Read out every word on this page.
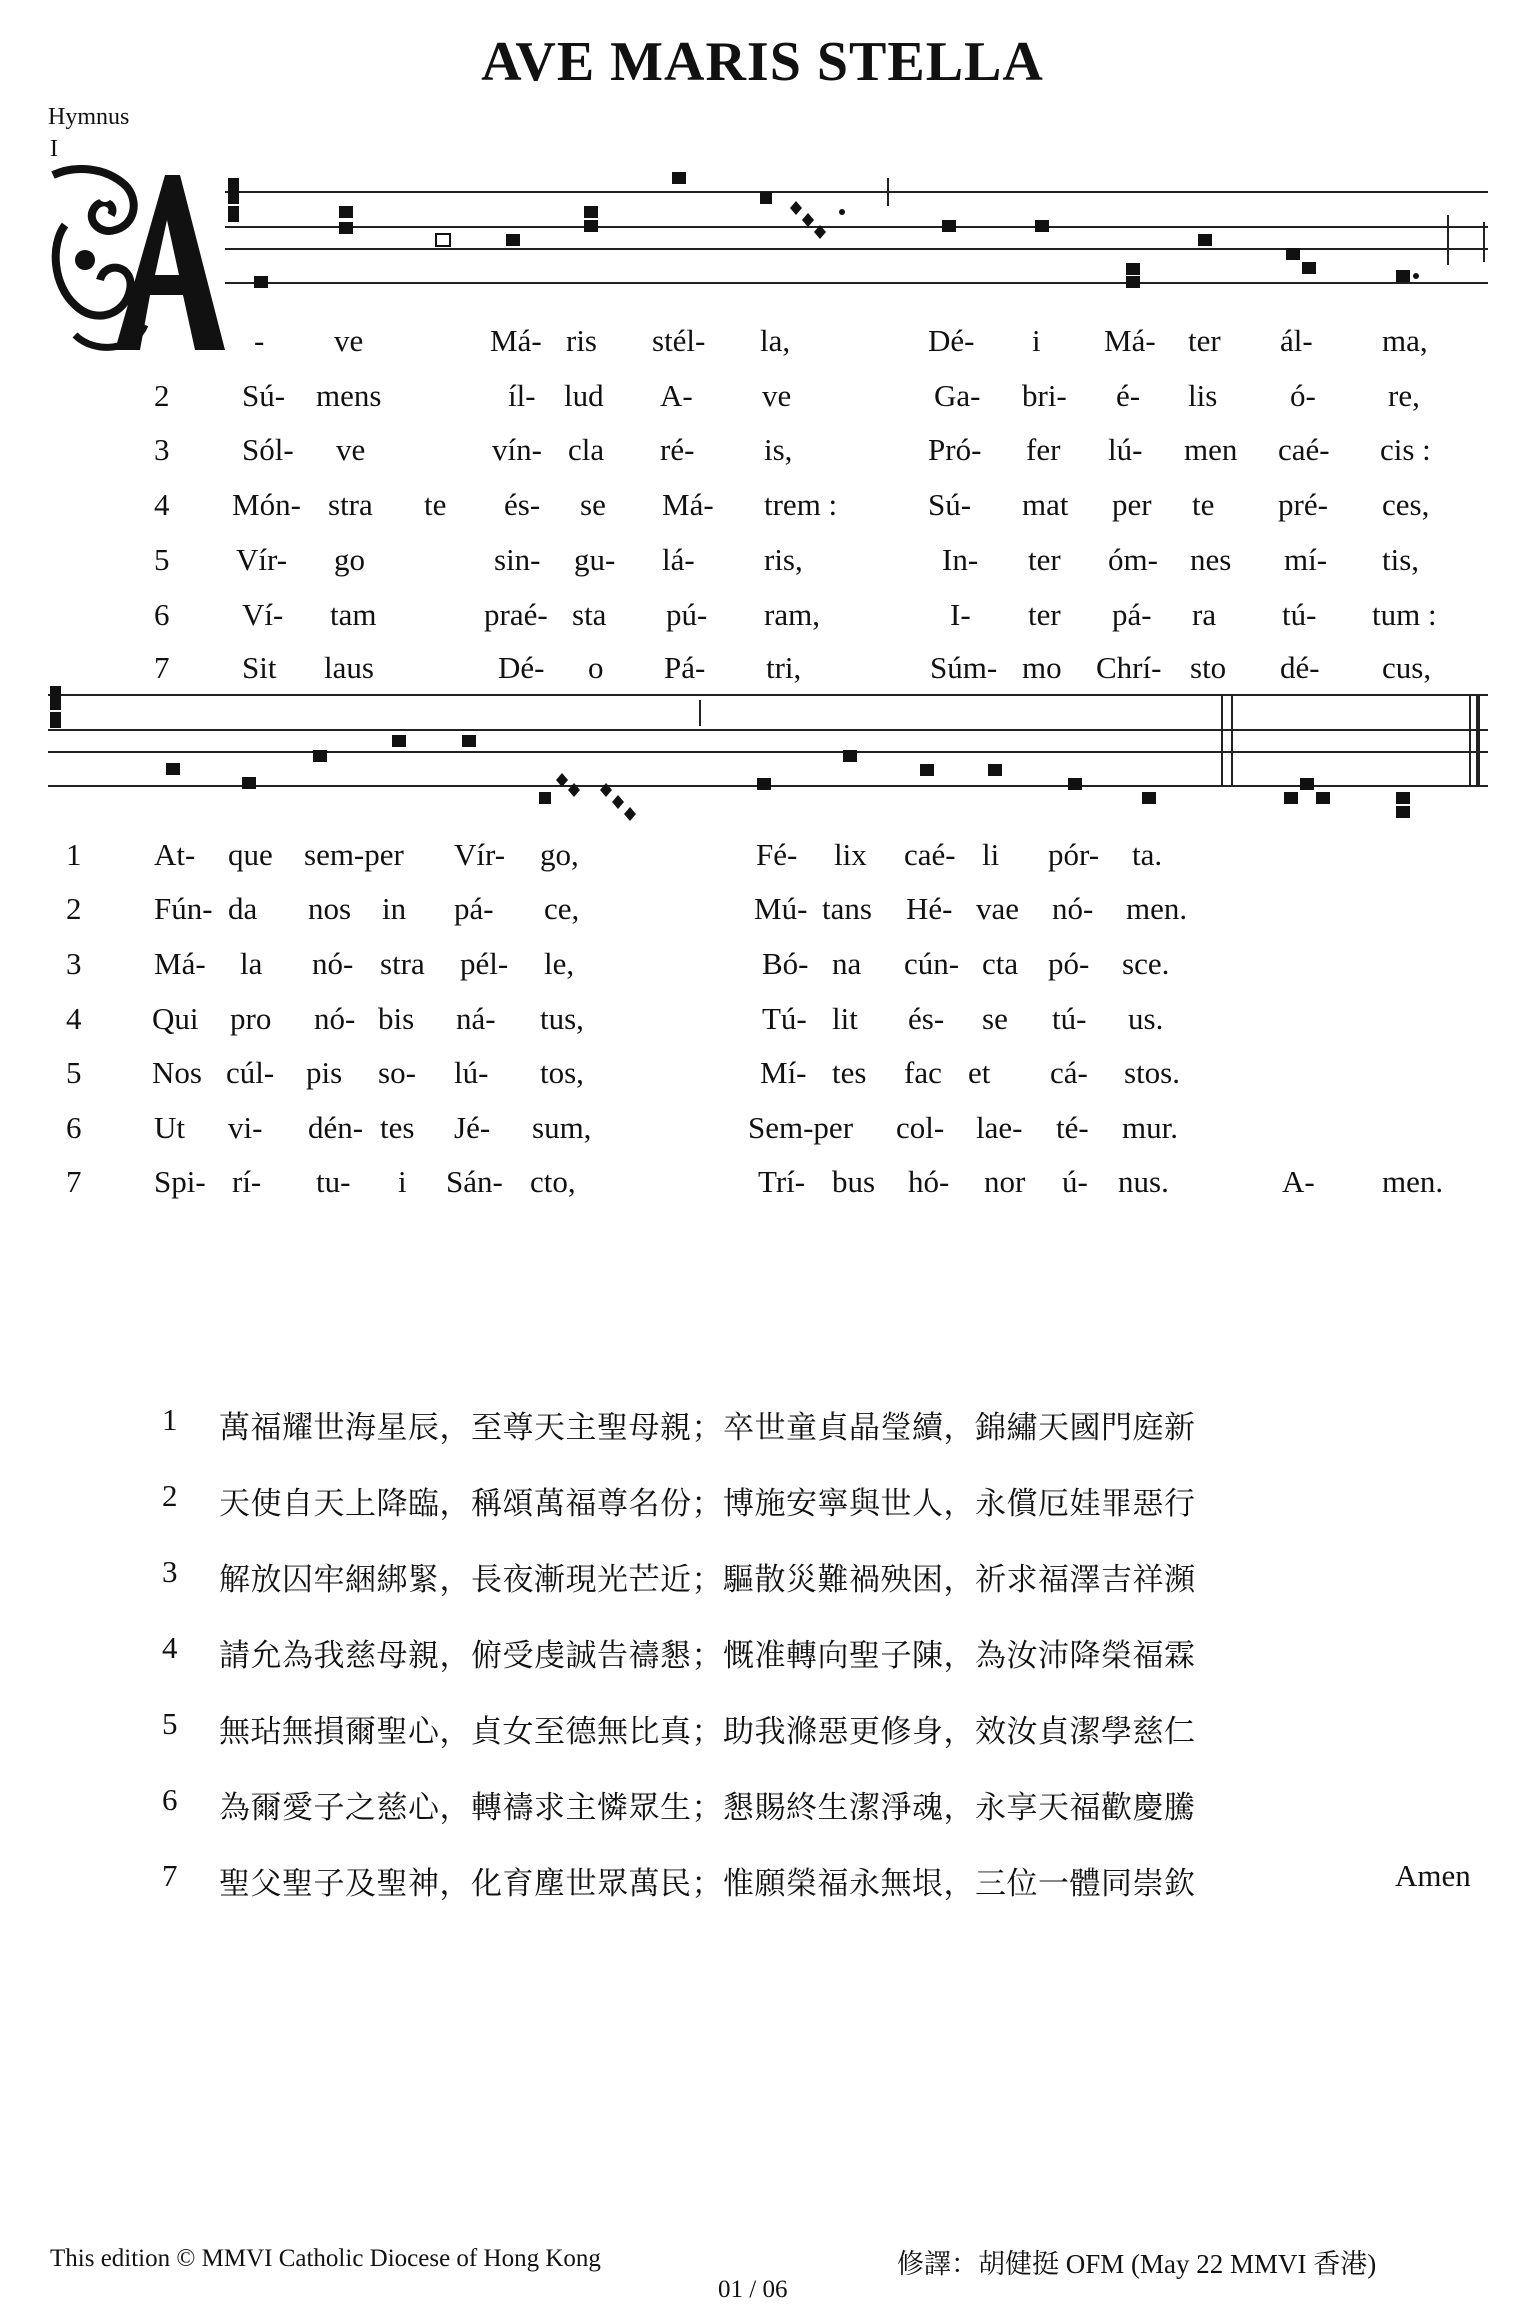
AVE MARIS STELLA
Hymnus
I
A	- ve	Má- ris stél- la,	Dé- i Má- ter ál- ma,
2 Sú- mens	íl- lud A- ve	Ga- bri- é- lis ó- re,
3 Sól- ve	vín- cla ré- is,	Pró- fer lú- men caé- cis :
4 Món- stra te és- se Má- trem :	Sú- mat per te pré- ces,
5 Vír- go	sin- gu- lá- ris,	In- ter óm- nes mí- tis,
6 Ví- tam	praé- sta pú- ram,	I- ter pá- ra tú- tum :
7 Sit laus	Dé- o Pá- tri,	Súm- mo Chrí- sto dé- cus,
1 At- que sem-per Vír- go,	Fé- lix caé- li pór- ta.
2 Fún- da nos in pá- ce,	Mú- tans Hé- vae nó- men.
3 Má- la nó- stra pél- le,	Bó- na cún- cta pó- sce.
4 Qui pro nó- bis ná- tus,	Tú- lit és- se tú- us.
5 Nos cúl- pis so- lú- tos,	Mí- tes fac et cá- stos.
6 Ut vi- dén- tes Jé- sum,	Sem-per col- lae- té- mur.
7 Spi- rí- tu- i Sán- cto,	Trí- bus hó- nor ú- nus.	A- men.
1 萬福耀世海星辰，至尊天主聖母親；卒世童貞晶瑩續，錦繡天國門庭新
2 天使自天上降臨，稱頌萬福尊名份；博施安寧與世人，永償厄娃罪惡行
3 解放囚牢綑綁緊，長夜漸現光芒近；驅散災難禍殃困，祈求福澤吉祥瀕
4 請允為我慈母親，俯受虔誠告禱懇；慨准轉向聖子陳，為汝沛降榮福霖
5 無玷無損爾聖心，貞女至德無比真；助我滌惡更修身，效汝貞潔學慈仁
6 為爾愛子之慈心，轉禱求主憐眾生；懇賜終生潔淨魂，永享天福歡慶騰
7 聖父聖子及聖神，化育塵世眾萬民；惟願榮福永無垠，三位一體同崇欽	Amen
This edition © MMVI Catholic Diocese of Hong Kong
01 / 06
修譯：胡健挺 OFM (May 22 MMVI 香港)
